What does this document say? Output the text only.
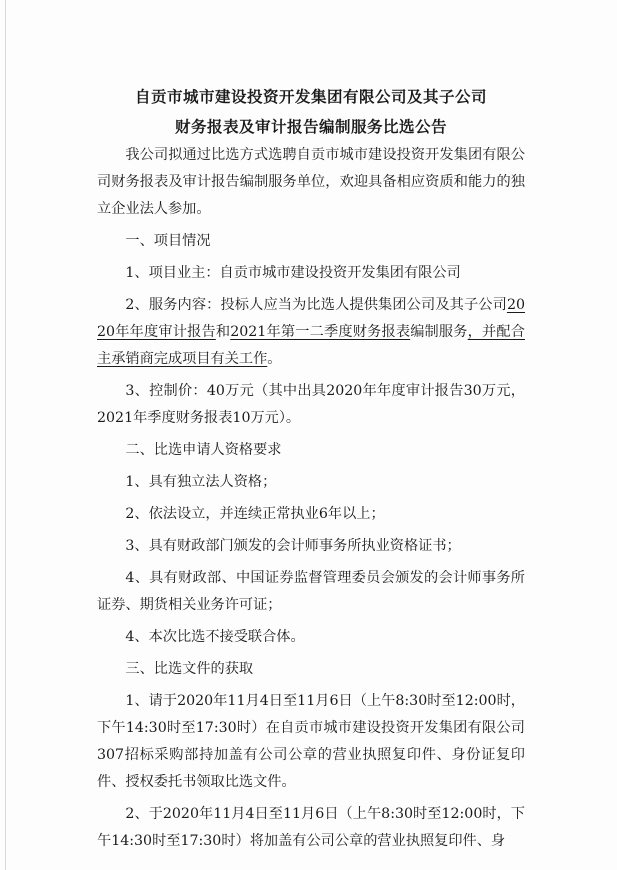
自贡市城市建设投资开发集团有限公司及其子公司
财务报表及审计报告编制服务比选公告
我公司拟通过比选方式选聘自贡市城市建设投资开发集团有限公司财务报表及审计报告编制服务单位，欢迎具备相应资质和能力的独立企业法人参加。
一、项目情况
1、项目业主：自贡市城市建设投资开发集团有限公司
2、服务内容：投标人应当为比选人提供集团公司及其子公司2020年年度审计报告和2021年第一二季度财务报表编制服务，并配合主承销商完成项目有关工作。
3、控制价：40万元（其中出具2020年年度审计报告30万元，2021年季度财务报表10万元）。
二、比选申请人资格要求
1、具有独立法人资格；
2、依法设立，并连续正常执业6年以上；
3、具有财政部门颁发的会计师事务所执业资格证书；
4、具有财政部、中国证券监督管理委员会颁发的会计师事务所证券、期货相关业务许可证；
4、本次比选不接受联合体。
三、比选文件的获取
1、请于2020年11月4日至11月6日（上午8:30时至12:00时，下午14:30时至17:30时）在自贡市城市建设投资开发集团有限公司307招标采购部持加盖有公司公章的营业执照复印件、身份证复印件、授权委托书领取比选文件。
2、于2020年11月4日至11月6日（上午8:30时至12:00时，下午14:30时至17:30时）将加盖有公司公章的营业执照复印件、身
